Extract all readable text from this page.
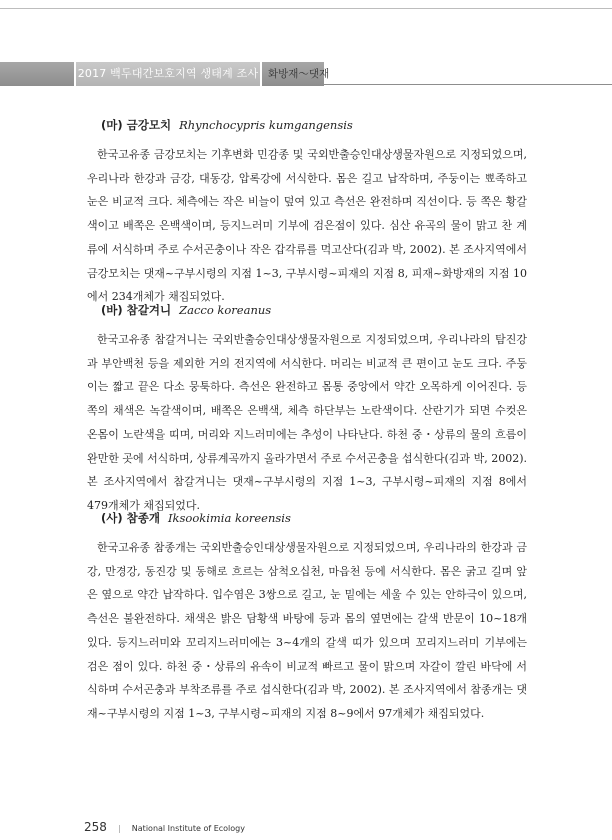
2017 백두대간보호지역 생태계 조사 화방재～댓재
(마) 금강모치 Rhynchocypris kumgangensis
한국고유종 금강모치는 기후변화 민감종 및 국외반출승인대상생물자원으로 지정되었으며, 우리나라 한강과 금강, 대동강, 압록강에 서식한다. 몸은 길고 납작하며, 주둥이는 뾰족하고 눈은 비교적 크다. 체측에는 작은 비늘이 덮여 있고 측선은 완전하며 직선이다. 등 쪽은 황갈색이고 배쪽은 은백색이며, 등지느러미 기부에 검은점이 있다. 심산 유곡의 물이 맑고 찬 계류에 서식하며 주로 수서곤충이나 작은 갑각류를 먹고산다(김과 박, 2002). 본 조사지역에서 금강모치는 댓재~구부시령의 지점 1~3, 구부시령~피재의 지점 8, 피재~화방재의 지점 10에서 234개체가 채집되었다.
(바) 참갈겨니 Zacco koreanus
한국고유종 참갈겨니는 국외반출승인대상생물자원으로 지정되었으며, 우리나라의 탐진강과 부안백천 등을 제외한 거의 전지역에 서식한다. 머리는 비교적 큰 편이고 눈도 크다. 주둥이는 짧고 끝은 다소 뭉툭하다. 측선은 완전하고 몸통 중앙에서 약간 오목하게 이어진다. 등 쪽의 채색은 녹갈색이며, 배쪽은 은백색, 체측 하단부는 노란색이다. 산란기가 되면 수컷은 온몸이 노란색을 띠며, 머리와 지느러미에는 추성이 나타난다. 하천 중・상류의 물의 흐름이 완만한 곳에 서식하며, 상류계곡까지 올라가면서 주로 수서곤충을 섭식한다(김과 박, 2002). 본 조사지역에서 참갈겨니는 댓재~구부시령의 지점 1~3, 구부시령~피재의 지점 8에서 479개체가 채집되었다.
(사) 참종개 Iksookimia koreensis
한국고유종 참종개는 국외반출승인대상생물자원으로 지정되었으며, 우리나라의 한강과 금강, 만경강, 동진강 및 동해로 흐르는 삼척오십천, 마읍천 등에 서식한다. 몸은 굵고 길며 앞은 옆으로 약간 납작하다. 입수염은 3쌍으로 길고, 눈 밑에는 세울 수 있는 안하극이 있으며, 측선은 불완전하다. 채색은 밝은 담황색 바탕에 등과 몸의 옆면에는 갈색 반문이 10~18개 있다. 등지느러미와 꼬리지느러미에는 3~4개의 갈색 띠가 있으며 꼬리지느러미 기부에는 검은 점이 있다. 하천 중・상류의 유속이 비교적 빠르고 물이 맑으며 자갈이 깔린 바닥에 서식하며 수서곤충과 부착조류를 주로 섭식한다(김과 박, 2002). 본 조사지역에서 참종개는 댓재~구부시령의 지점 1~3, 구부시령~피재의 지점 8~9에서 97개체가 채집되었다.
258 | National Institute of Ecology
